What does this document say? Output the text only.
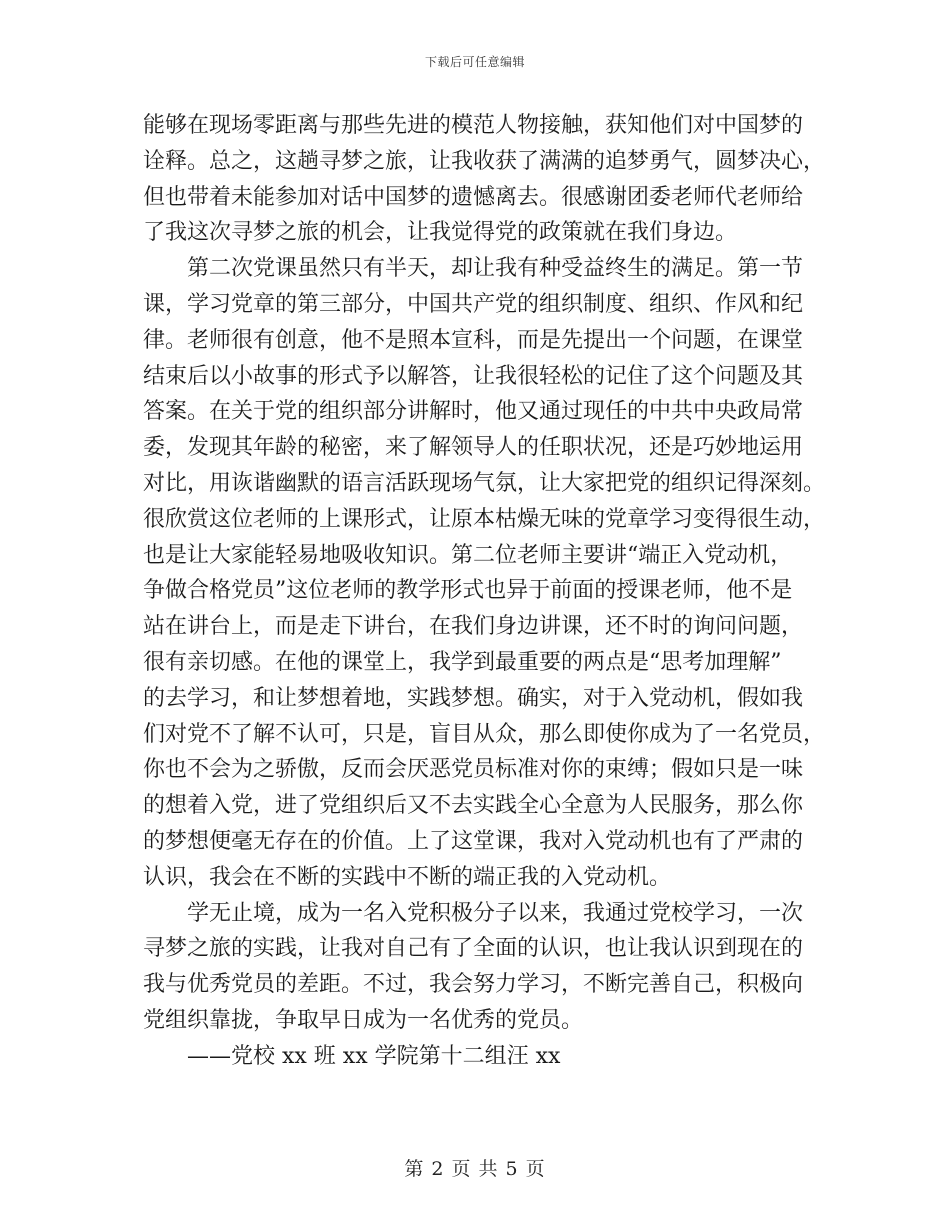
下载后可任意编辑
能够在现场零距离与那些先进的模范人物接触，获知他们对中国梦的
诠释。总之，这趟寻梦之旅，让我收获了满满的追梦勇气，圆梦决心，
但也带着未能参加对话中国梦的遗憾离去。很感谢团委老师代老师给
了我这次寻梦之旅的机会，让我觉得党的政策就在我们身边。
第二次党课虽然只有半天，却让我有种受益终生的满足。第一节
课，学习党章的第三部分，中国共产党的组织制度、组织、作风和纪
律。老师很有创意，他不是照本宣科，而是先提出一个问题，在课堂
结束后以小故事的形式予以解答，让我很轻松的记住了这个问题及其
答案。在关于党的组织部分讲解时，他又通过现任的中共中央政局常
委，发现其年龄的秘密，来了解领导人的任职状况，还是巧妙地运用
对比，用诙谐幽默的语言活跃现场气氛，让大家把党的组织记得深刻。
很欣赏这位老师的上课形式，让原本枯燥无味的党章学习变得很生动，
也是让大家能轻易地吸收知识。第二位老师主要讲“端正入党动机，
争做合格党员”这位老师的教学形式也异于前面的授课老师，他不是
站在讲台上，而是走下讲台，在我们身边讲课，还不时的询问问题，
很有亲切感。在他的课堂上，我学到最重要的两点是“思考加理解”
的去学习，和让梦想着地，实践梦想。确实，对于入党动机，假如我
们对党不了解不认可，只是，盲目从众，那么即使你成为了一名党员，
你也不会为之骄傲，反而会厌恶党员标准对你的束缚；假如只是一味
的想着入党，进了党组织后又不去实践全心全意为人民服务，那么你
的梦想便毫无存在的价值。上了这堂课，我对入党动机也有了严肃的
认识，我会在不断的实践中不断的端正我的入党动机。
学无止境，成为一名入党积极分子以来，我通过党校学习，一次
寻梦之旅的实践，让我对自己有了全面的认识，也让我认识到现在的
我与优秀党员的差距。不过，我会努力学习，不断完善自己，积极向
党组织靠拢，争取早日成为一名优秀的党员。
——党校 xx 班 xx 学院第十二组汪 xx
第 2 页 共 5 页
